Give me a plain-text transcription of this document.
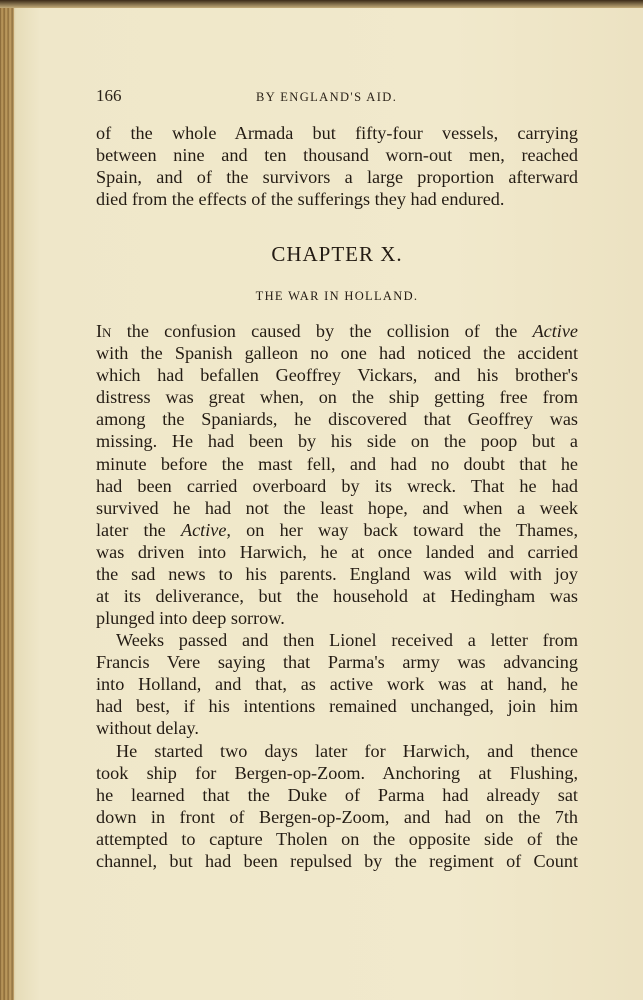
166	BY ENGLAND'S AID.
of the whole Armada but fifty-four vessels, carrying
between nine and ten thousand worn-out men, reached
Spain, and of the survivors a large proportion afterward
died from the effects of the sufferings they had endured.
CHAPTER X.
THE WAR IN HOLLAND.
In the confusion caused by the collision of the Active
with the Spanish galleon no one had noticed the accident
which had befallen Geoffrey Vickars, and his brother's
distress was great when, on the ship getting free from
among the Spaniards, he discovered that Geoffrey was
missing. He had been by his side on the poop but a
minute before the mast fell, and had no doubt that he
had been carried overboard by its wreck. That he had
survived he had not the least hope, and when a week
later the Active, on her way back toward the Thames,
was driven into Harwich, he at once landed and carried
the sad news to his parents. England was wild with joy
at its deliverance, but the household at Hedingham was
plunged into deep sorrow.
Weeks passed and then Lionel received a letter from
Francis Vere saying that Parma's army was advancing
into Holland, and that, as active work was at hand, he
had best, if his intentions remained unchanged, join him
without delay.
He started two days later for Harwich, and thence
took ship for Bergen-op-Zoom. Anchoring at Flushing,
he learned that the Duke of Parma had already sat
down in front of Bergen-op-Zoom, and had on the 7th
attempted to capture Tholen on the opposite side of the
channel, but had been repulsed by the regiment of Count
